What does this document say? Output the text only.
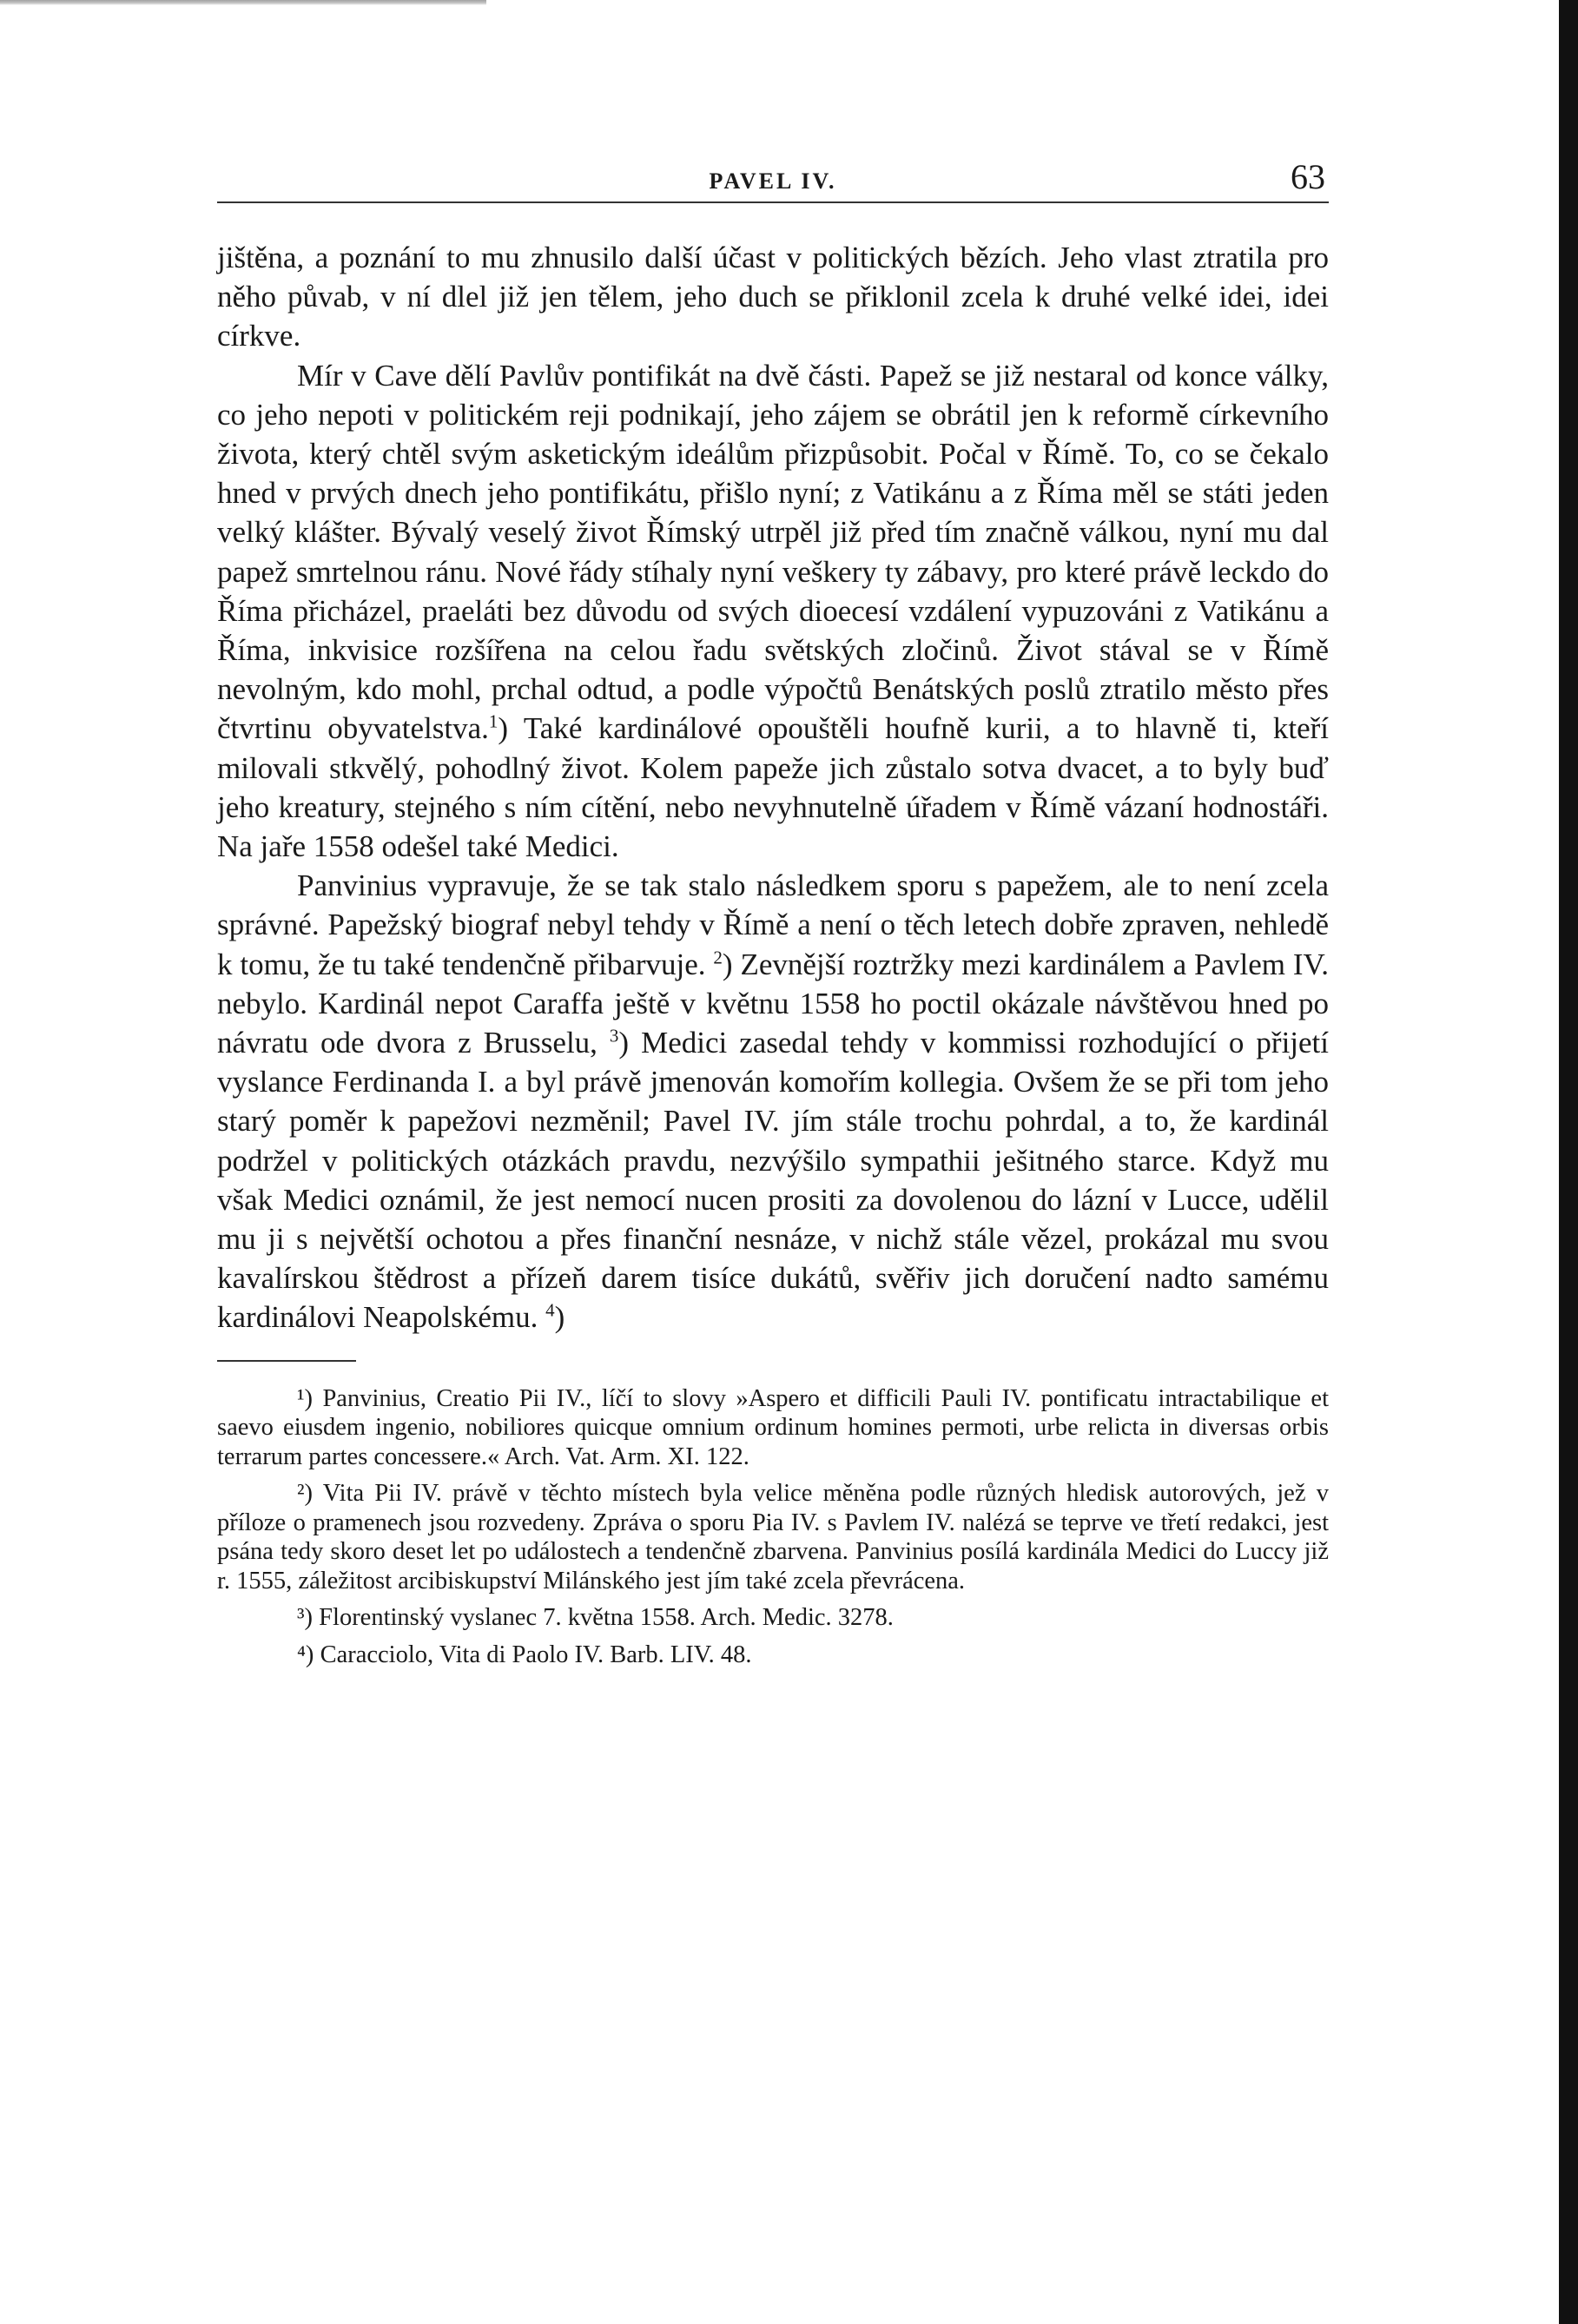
PAVEL IV.	63

jištěna, a poznání to mu zhnusilo další účast v politických bězích. Jeho vlast ztratila pro něho půvab, v ní dlel již jen tělem, jeho duch se přiklonil zcela k druhé velké idei, idei církve.

Mír v Cave dělí Pavlův pontifikát na dvě části. Papež se již nestaral od konce války, co jeho nepoti v politickém reji podnikají, jeho zájem se obrátil jen k reformě církevního života, který chtěl svým asketickým ideálům přizpůsobit. Počal v Římě. To, co se čekalo hned v prvých dnech jeho pontifikátu, přišlo nyní; z Vatikánu a z Říma měl se státi jeden velký klášter. Bývalý veselý život Římský utrpěl již před tím značně válkou, nyní mu dal papež smrtelnou ránu. Nové řády stíhaly nyní veškery ty zábavy, pro které právě leckdo do Říma přicházel, praeláti bez důvodu od svých dioecesí vzdálení vypuzováni z Vatikánu a Říma, inkvisice rozšířena na celou řadu světských zločinů. Život stával se v Římě nevolným, kdo mohl, prchal odtud, a podle výpočtů Benátských poslů ztratilo město přes čtvrtinu obyvatelstva.$^1$) Také kardinálové opouštěli houfně kurii, a to hlavně ti, kteří milovali stkvělý, pohodlný život. Kolem papeže jich zůstalo sotva dvacet, a to byly buď jeho kreatury, stejného s ním cítění, nebo nevyhnutelně úřadem v Římě vázaní hodnostáři. Na jaře 1558 odešel také Medici.

Panvinius vypravuje, že se tak stalo následkem sporu s papežem, ale to není zcela správné. Papežský biograf nebyl tehdy v Římě a není o těch letech dobře zpraven, nehledě k tomu, že tu také tendenčně přibarvuje. $^2$) Zevnější roztržky mezi kardinálem a Pavlem IV. nebylo. Kardinál nepot Caraffa ještě v květnu 1558 ho poctil okázale návštěvou hned po návratu ode dvora z Brusselu, $^3$) Medici zasedal tehdy v kommissi rozhodující o přijetí vyslance Ferdinanda I. a byl právě jmenován komořím kollegia. Ovšem že se při tom jeho starý poměr k papežovi nezměnil; Pavel IV. jím stále trochu pohrdal, a to, že kardinál podržel v politických otázkách pravdu, nezvýšilo sympathii ješitného starce. Když mu však Medici oznámil, že jest nemocí nucen prositi za dovolenou do lázní v Lucce, udělil mu ji s největší ochotou a přes finanční nesnáze, v nichž stále vězel, prokázal mu svou kavalírskou štědrost a přízeň darem tisíce dukátů, svěřiv jich doručení nadto samému kardinálovi Neapolskému. $^4$)

¹) Panvinius, Creatio Pii IV., líčí to slovy »Aspero et difficili Pauli IV. pontificatu intractabilique et saevo eiusdem ingenio, nobiliores quicque omnium ordinum homines permoti, urbe relicta in diversas orbis terrarum partes concessere.« Arch. Vat. Arm. XI. 122.

²) Vita Pii IV. právě v těchto místech byla velice měněna podle různých hledisk autorových, jež v příloze o pramenech jsou rozvedeny. Zpráva o sporu Pia IV. s Pavlem IV. nalézá se teprve ve třetí redakci, jest psána tedy skoro deset let po událostech a tendenčně zbarvena. Panvinius posílá kardinála Medici do Luccy již r. 1555, záležitost arcibiskupství Milánského jest jím také zcela převrácena.

³) Florentinský vyslanec 7. května 1558. Arch. Medic. 3278.

⁴) Caracciolo, Vita di Paolo IV. Barb. LIV. 48.
